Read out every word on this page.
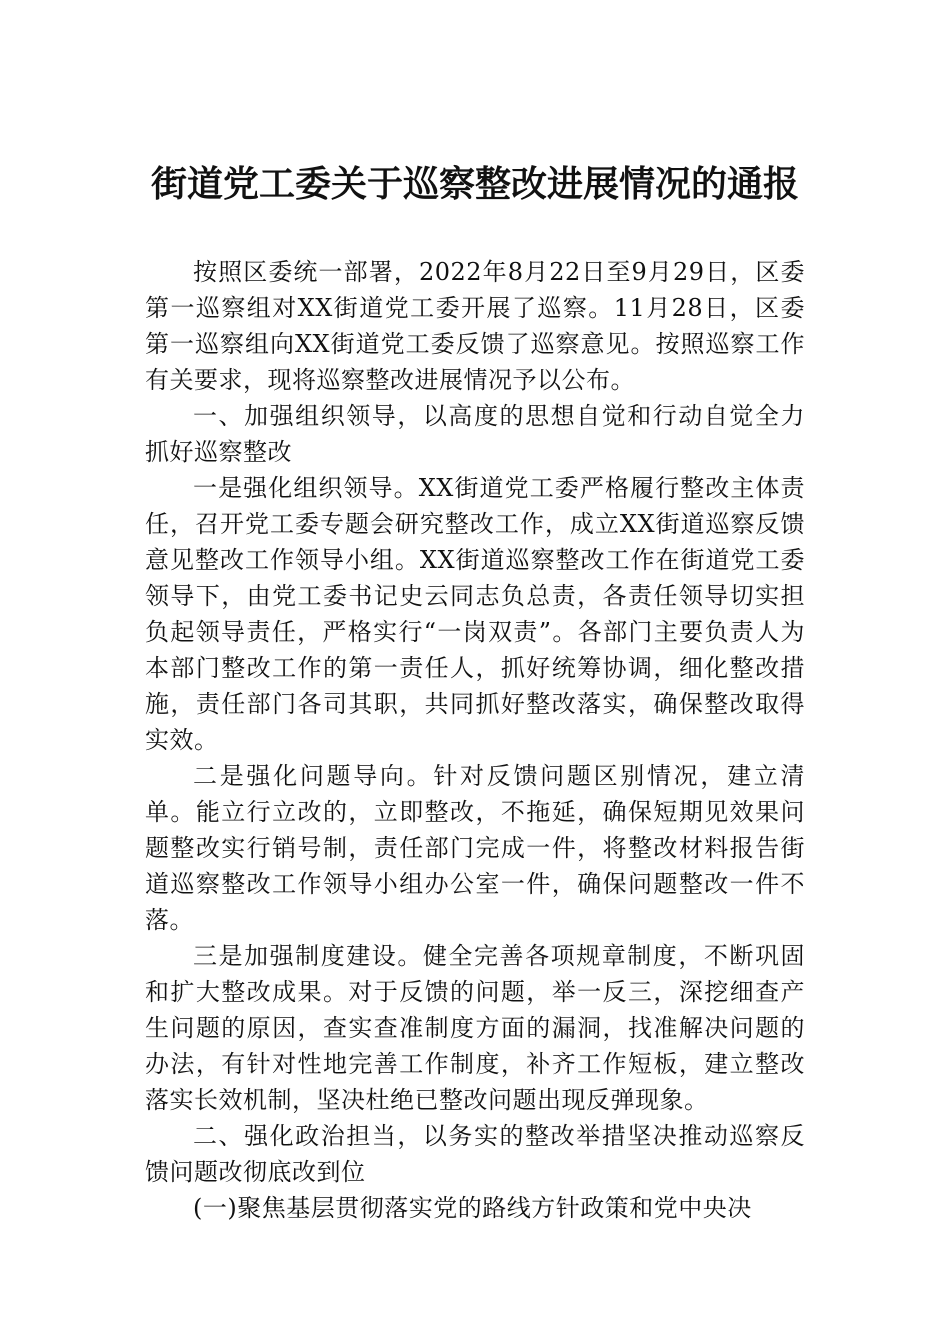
街道党工委关于巡察整改进展情况的通报

按照区委统一部署，2022年8月22日至9月29日，区委第一巡察组对XX街道党工委开展了巡察。11月28日，区委第一巡察组向XX街道党工委反馈了巡察意见。按照巡察工作有关要求，现将巡察整改进展情况予以公布。

一、加强组织领导，以高度的思想自觉和行动自觉全力抓好巡察整改

一是强化组织领导。XX街道党工委严格履行整改主体责任，召开党工委专题会研究整改工作，成立XX街道巡察反馈意见整改工作领导小组。XX街道巡察整改工作在街道党工委领导下，由党工委书记史云同志负总责，各责任领导切实担负起领导责任，严格实行“一岗双责”。各部门主要负责人为本部门整改工作的第一责任人，抓好统筹协调，细化整改措施，责任部门各司其职，共同抓好整改落实，确保整改取得实效。

二是强化问题导向。针对反馈问题区别情况，建立清单。能立行立改的，立即整改，不拖延，确保短期见效果问题整改实行销号制，责任部门完成一件，将整改材料报告街道巡察整改工作领导小组办公室一件，确保问题整改一件不落。

三是加强制度建设。健全完善各项规章制度，不断巩固和扩大整改成果。对于反馈的问题，举一反三，深挖细查产生问题的原因，查实查准制度方面的漏洞，找准解决问题的办法，有针对性地完善工作制度，补齐工作短板，建立整改落实长效机制，坚决杜绝已整改问题出现反弹现象。

二、强化政治担当，以务实的整改举措坚决推动巡察反馈问题改彻底改到位

(一)聚焦基层贯彻落实党的路线方针政策和党中央决
